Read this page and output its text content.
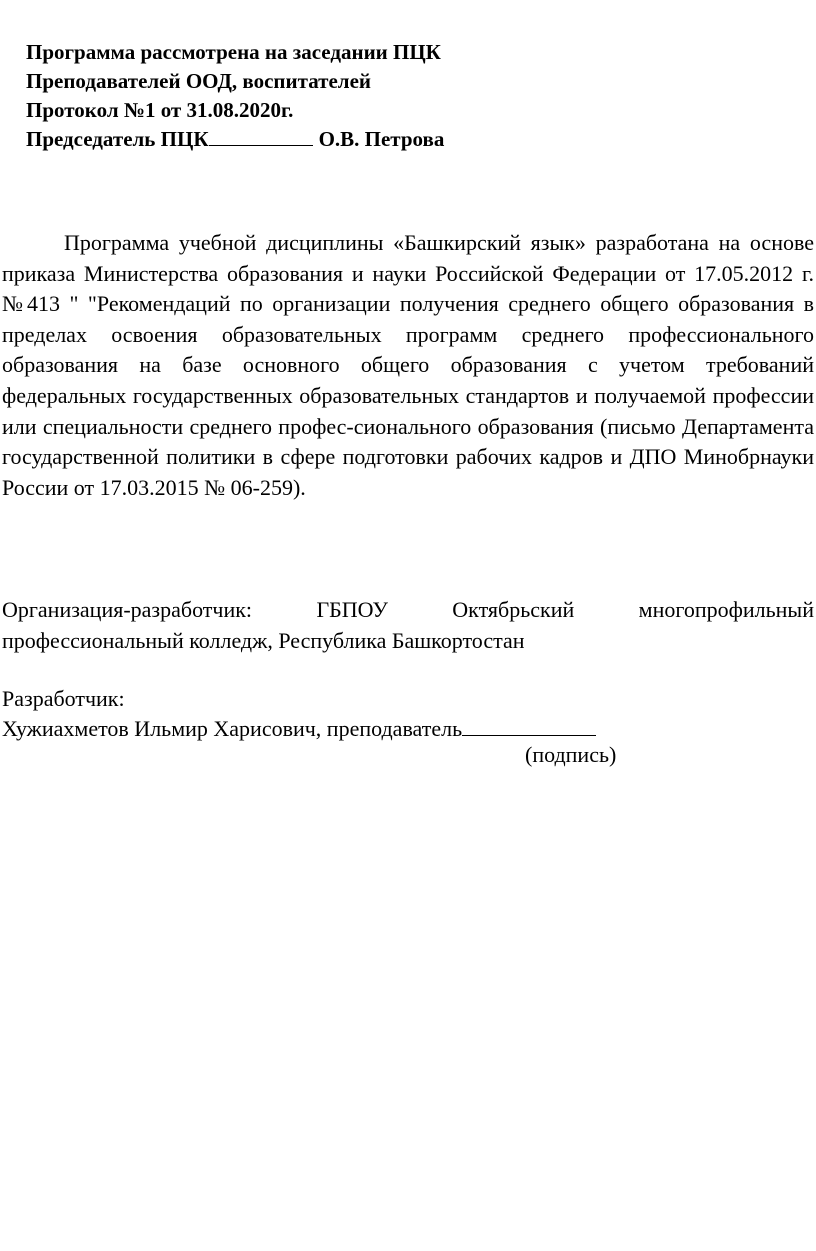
Программа рассмотрена на заседании ПЦК
Преподавателей ООД, воспитателей
Протокол №1 от 31.08.2020г.
Председатель ПЦК	О.В. Петрова

Программа учебной дисциплины «Башкирский язык» разработана на основе приказа Министерства образования и науки Российской Федерации от 17.05.2012 г. №413 " "Рекомендаций по организации получения среднего общего образования в пределах освоения образовательных программ среднего профессионального образования на базе основного общего образования с учетом требований федеральных государственных образовательных стандартов и получаемой профессии или специальности среднего профес-сионального образования (письмо Департамента государственной политики в сфере подготовки рабочих кадров и ДПО Минобрнауки России от 17.03.2015 № 06-259).

Организация-разработчик:	ГБПОУ	Октябрьский	многопрофильный
профессиональный колледж, Республика Башкортостан
Разработчик:
Хужиахметов Ильмир Харисович, преподаватель
(подпись)
